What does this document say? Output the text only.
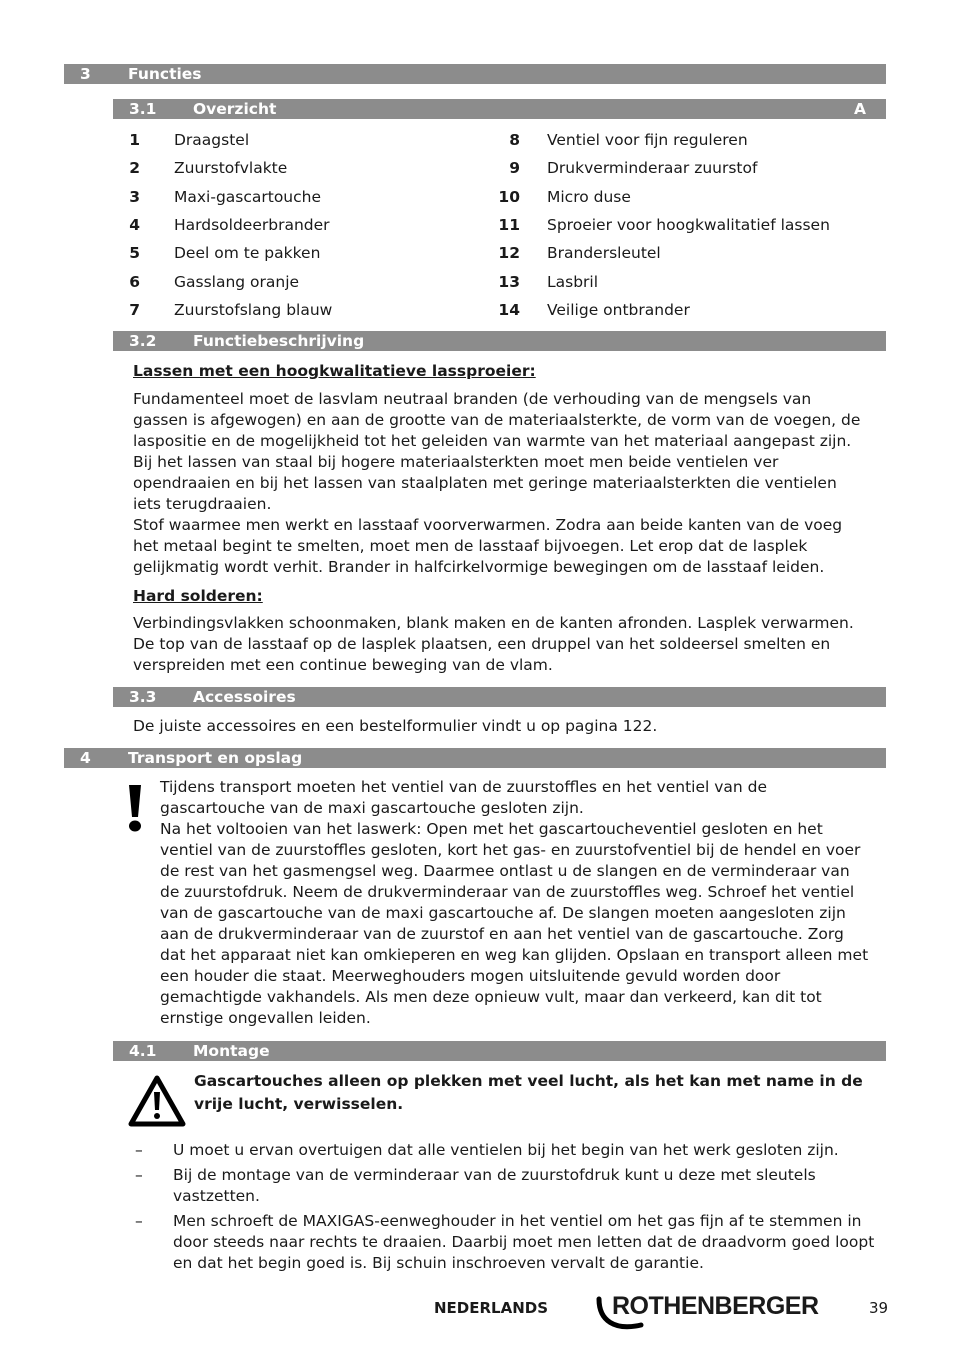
3 Functies
3.1 Overzicht	A
1 Draagstel
2 Zuurstofvlakte
3 Maxi-gascartouche
4 Hardsoldeerbrander
5 Deel om te pakken
6 Gasslang oranje
7 Zuurstofslang blauw
8 Ventiel voor fijn reguleren
9 Drukverminderaar zuurstof
10 Micro duse
11 Sproeier voor hoogkwalitatief lassen
12 Brandersleutel
13 Lasbril
14 Veilige ontbrander
3.2 Functiebeschrijving
Lassen met een hoogkwalitatieve lassproeier:

Fundamenteel moet de lasvlam neutraal branden (de verhouding van de mengsels van gassen is afgewogen) en aan de grootte van de materiaalsterkte, de vorm van de voegen, de laspositie en de mogelijkheid tot het geleiden van warmte van het materiaal aangepast zijn. Bij het lassen van staal bij hogere materiaalsterkten moet men beide ventielen ver opendraaien en bij het lassen van staalplaten met geringe materiaalsterkten die ventielen iets terugdraaien.

Stof waarmee men werkt en lasstaaf voorverwarmen. Zodra aan beide kanten van de voeg het metaal begint te smelten, moet men de lasstaaf bijvoegen. Let erop dat de lasplek gelijkmatig wordt verhit. Brander in halfcirkelvormige bewegingen om de lasstaaf leiden.

Hard solderen:

Verbindingsvlakken schoonmaken, blank maken en de kanten afronden. Lasplek verwarmen. De top van de lasstaaf op de lasplek plaatsen, een druppel van het soldeersel smelten en verspreiden met een continue beweging van de vlam.

3.3 Accessoires

De juiste accessoires en een bestelformulier vindt u op pagina 122.

4 Transport en opslag

Tijdens transport moeten het ventiel van de zuurstoffles en het ventiel van de gascartouche van de maxi gascartouche gesloten zijn.

Na het voltooien van het laswerk: Open met het gascartoucheventiel gesloten en het ventiel van de zuurstoffles gesloten, kort het gas- en zuurstofventiel bij de hendel en voer de rest van het gasmengsel weg. Daarmee ontlast u de slangen en de verminderaar van de zuurstofdruk. Neem de drukverminderaar van de zuurstoffles weg. Schroef het ventiel van de gascartouche van de maxi gascartouche af. De slangen moeten aangesloten zijn aan de drukverminderaar van de zuurstof en aan het ventiel van de gascartouche. Zorg dat het apparaat niet kan omkieperen en weg kan glijden. Opslaan en transport alleen met een houder die staat. Meerweghouders mogen uitsluitende gevuld worden door gemachtigde vakhandels. Als men deze opnieuw vult, maar dan verkeerd, kan dit tot ernstige ongevallen leiden.

4.1 Montage
Gascartouches alleen op plekken met veel lucht, als het kan met name in de vrije lucht, verwisselen.
– U moet u ervan overtuigen dat alle ventielen bij het begin van het werk gesloten zijn.
– Bij de montage van de verminderaar van de zuurstofdruk kunt u deze met sleutels vastzetten.
– Men schroeft de MAXIGAS-eenweghouder in het ventiel om het gas fijn af te stemmen in door steeds naar rechts te draaien. Daarbij moet men letten dat de draadvorm goed loopt en dat het begin goed is. Bij schuin inschroeven vervalt de garantie.
NEDERLANDS	ROTHENBERGER	39
